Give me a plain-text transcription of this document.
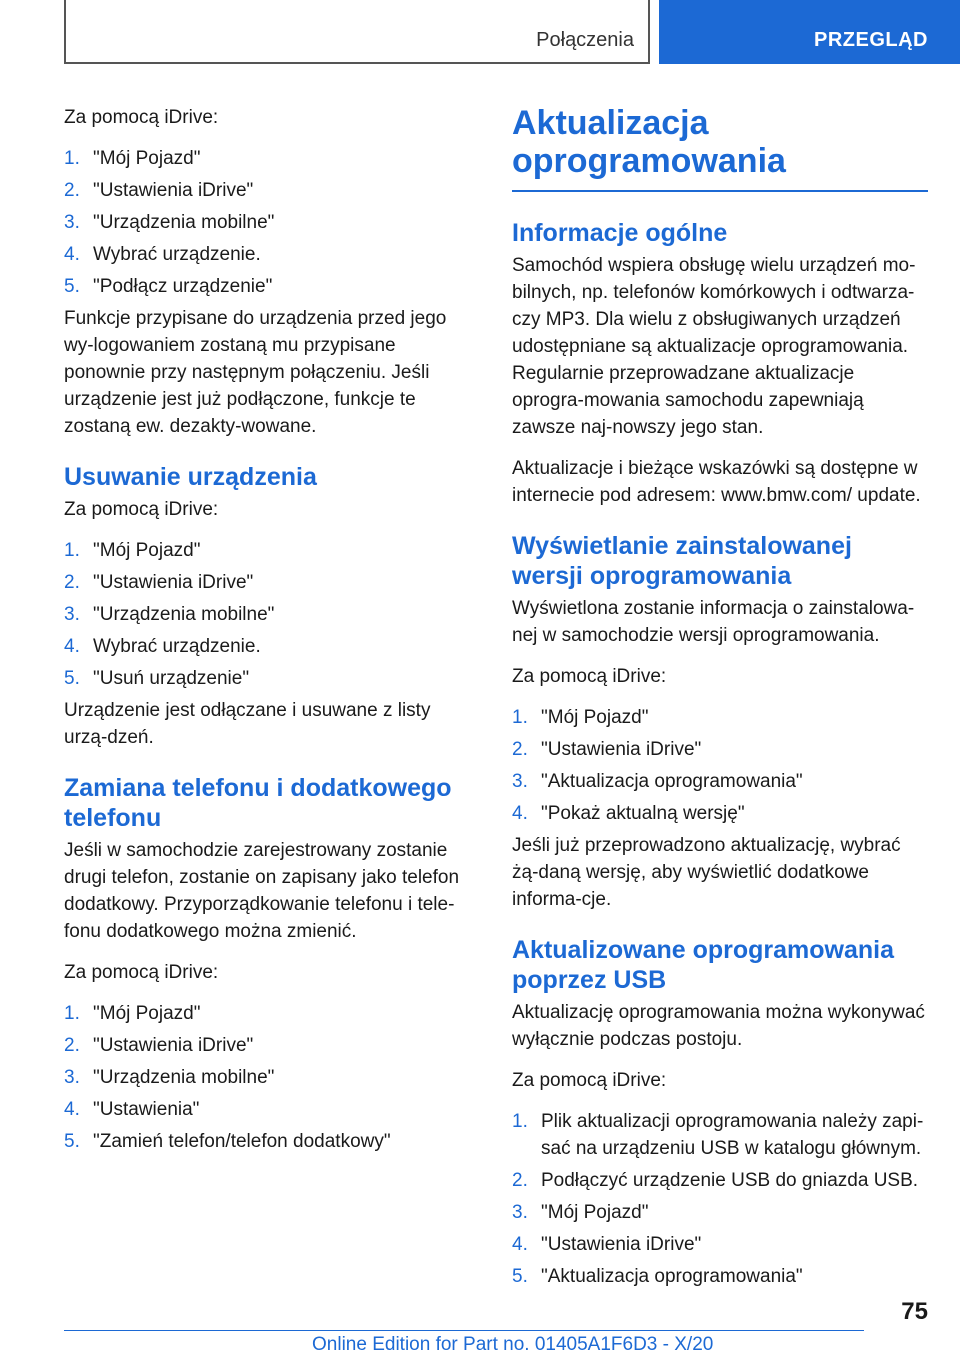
Połączenia	PRZEGLĄD

Za pomocą iDrive:

1. "Mój Pojazd"
2. "Ustawienia iDrive"
3. "Urządzenia mobilne"
4. Wybrać urządzenie.
5. "Podłącz urządzenie"

Funkcje przypisane do urządzenia przed jego wy-logowaniem zostaną mu przypisane ponownie przy następnym połączeniu. Jeśli urządzenie jest już podłączone, funkcje te zostaną ew. dezakty-wowane.

Usuwanie urządzenia

Za pomocą iDrive:

1. "Mój Pojazd"
2. "Ustawienia iDrive"
3. "Urządzenia mobilne"
4. Wybrać urządzenie.
5. "Usuń urządzenie"

Urządzenie jest odłączane i usuwane z listy urzą-dzeń.

Zamiana telefonu i dodatkowego telefonu

Jeśli w samochodzie zarejestrowany zostanie drugi telefon, zostanie on zapisany jako telefon dodatkowy. Przyporządkowanie telefonu i tele-fonu dodatkowego można zmienić.

Za pomocą iDrive:

1. "Mój Pojazd"
2. "Ustawienia iDrive"
3. "Urządzenia mobilne"
4. "Ustawienia"
5. "Zamień telefon/telefon dodatkowy"
Aktualizacja oprogramowania
Informacje ogólne

Samochód wspiera obsługę wielu urządzeń mo-bilnych, np. telefonów komórkowych i odtwarza-czy MP3. Dla wielu z obsługiwanych urządzeń udostępniane są aktualizacje oprogramowania. Regularnie przeprowadzane aktualizacje oprogra-mowania samochodu zapewniają zawsze naj-nowszy jego stan.

Aktualizacje i bieżące wskazówki są dostępne w internecie pod adresem: www.bmw.com/ update.

Wyświetlanie zainstalowanej wersji oprogramowania

Wyświetlona zostanie informacja o zainstalowa-nej w samochodzie wersji oprogramowania.

Za pomocą iDrive:

1. "Mój Pojazd"
2. "Ustawienia iDrive"
3. "Aktualizacja oprogramowania"
4. "Pokaż aktualną wersję"

Jeśli już przeprowadzono aktualizację, wybrać żą-daną wersję, aby wyświetlić dodatkowe informa-cje.

Aktualizowane oprogramowania poprzez USB

Aktualizację oprogramowania można wykonywać wyłącznie podczas postoju.

Za pomocą iDrive:

1. Plik aktualizacji oprogramowania należy zapi-sać na urządzeniu USB w katalogu głównym.
2. Podłączyć urządzenie USB do gniazda USB.
3. "Mój Pojazd"
4. "Ustawienia iDrive"
5. "Aktualizacja oprogramowania"
75
Online Edition for Part no. 01405A1F6D3 - X/20
